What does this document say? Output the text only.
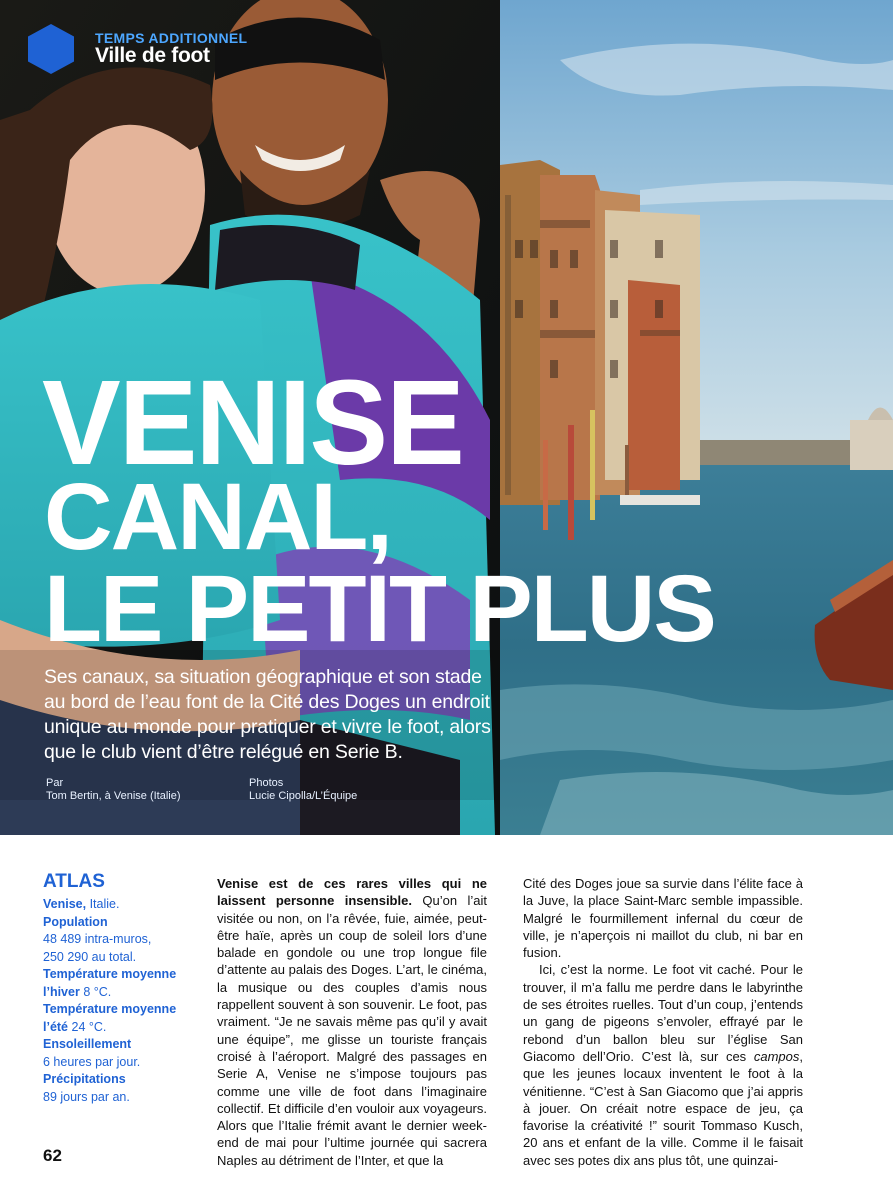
TEMPS ADDITIONNEL
Ville de foot
VENISE
CANAL,
LE PETIT PLUS
Ses canaux, sa situation géographique et son stade au bord de l’eau font de la Cité des Doges un endroit unique au monde pour pratiquer et vivre le foot, alors que le club vient d’être relégué en Serie B.
Par
Tom Bertin, à Venise (Italie)
Photos
Lucie Cipolla/L’Équipe
ATLAS

Venise, Italie.

Population

48 489 intra-muros,

250 290 au total.

Température moyenne l’hiver 8 °C.

Température moyenne l’été 24 °C.

Ensoleillement

6 heures par jour.

Précipitations

89 jours par an.

Venise est de ces rares villes qui ne laissent personne insensible. Qu’on l’ait visitée ou non, on l’a rêvée, fuie, aimée, peut-être haïe, après un coup de soleil lors d’une balade en gondole ou une trop longue file d’attente au palais des Doges. L’art, le cinéma, la musique ou des couples d’amis nous rappellent souvent à son souvenir. Le foot, pas vraiment. “Je ne savais même pas qu’il y avait une équipe”, me glisse un touriste français croisé à l’aéroport. Malgré des passages en Serie A, Venise ne s’impose toujours pas comme une ville de foot dans l’imaginaire collectif. Et difficile d’en vouloir aux voyageurs. Alors que l’Italie frémit avant le dernier week-end de mai pour l’ultime journée qui sacrera Naples au détriment de l’Inter, et que la

Cité des Doges joue sa survie dans l’élite face à la Juve, la place Saint-Marc semble impassible. Malgré le fourmillement infernal du cœur de ville, je n’aperçois ni maillot du club, ni bar en fusion.

Ici, c’est la norme. Le foot vit caché. Pour le trouver, il m’a fallu me perdre dans le labyrinthe de ses étroites ruelles. Tout d’un coup, j’entends un gang de pigeons s’envoler, effrayé par le rebond d’un ballon bleu sur l’église San Giacomo dell’Orio. C’est là, sur ces campos, que les jeunes locaux inventent le foot à la vénitienne. “C’est à San Giacomo que j’ai appris à jouer. On créait notre espace de jeu, ça favorise la créativité !” sourit Tommaso Kusch, 20 ans et enfant de la ville. Comme il le faisait avec ses potes dix ans plus tôt, une quinzai-

62
